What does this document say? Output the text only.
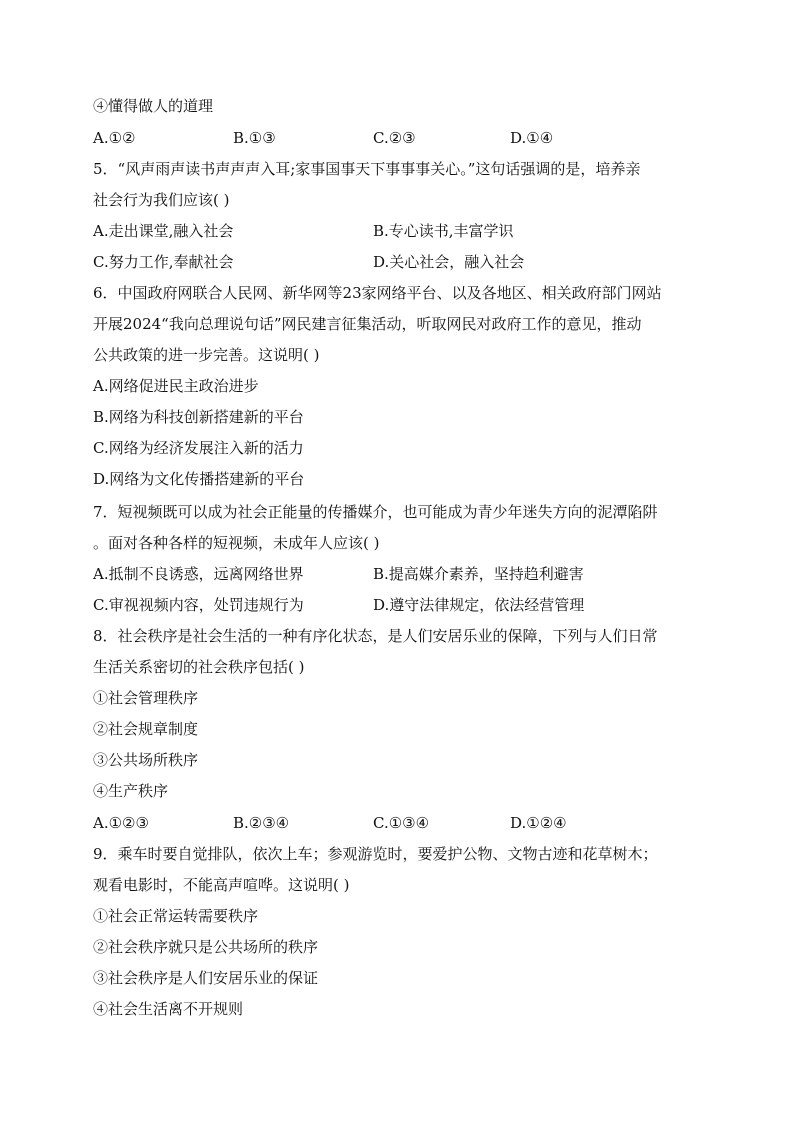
④懂得做人的道理
A.①②	B.①③	C.②③	D.①④
5．“风声雨声读书声声声入耳;家事国事天下事事事关心。”这句话强调的是，培养亲
社会行为我们应该( )
A.走出课堂,融入社会	B.专心读书,丰富学识
C.努力工作,奉献社会	D.关心社会，融入社会
6．中国政府网联合人民网、新华网等23家网络平台、以及各地区、相关政府部门网站
开展2024“我向总理说句话”网民建言征集活动，听取网民对政府工作的意见，推动
公共政策的进一步完善。这说明( )
A.网络促进民主政治进步
B.网络为科技创新搭建新的平台
C.网络为经济发展注入新的活力
D.网络为文化传播搭建新的平台
7．短视频既可以成为社会正能量的传播媒介，也可能成为青少年迷失方向的泥潭陷阱
。面对各种各样的短视频，未成年人应该( )
A.抵制不良诱惑，远离网络世界	B.提高媒介素养，坚持趋利避害
C.审视视频内容，处罚违规行为	D.遵守法律规定，依法经营管理
8．社会秩序是社会生活的一种有序化状态，是人们安居乐业的保障，下列与人们日常
生活关系密切的社会秩序包括( )
①社会管理秩序
②社会规章制度
③公共场所秩序
④生产秩序
A.①②③	B.②③④	C.①③④	D.①②④
9．乘车时要自觉排队，依次上车；参观游览时，要爱护公物、文物古迹和花草树木；
观看电影时，不能高声喧哗。这说明( )
①社会正常运转需要秩序
②社会秩序就只是公共场所的秩序
③社会秩序是人们安居乐业的保证
④社会生活离不开规则
